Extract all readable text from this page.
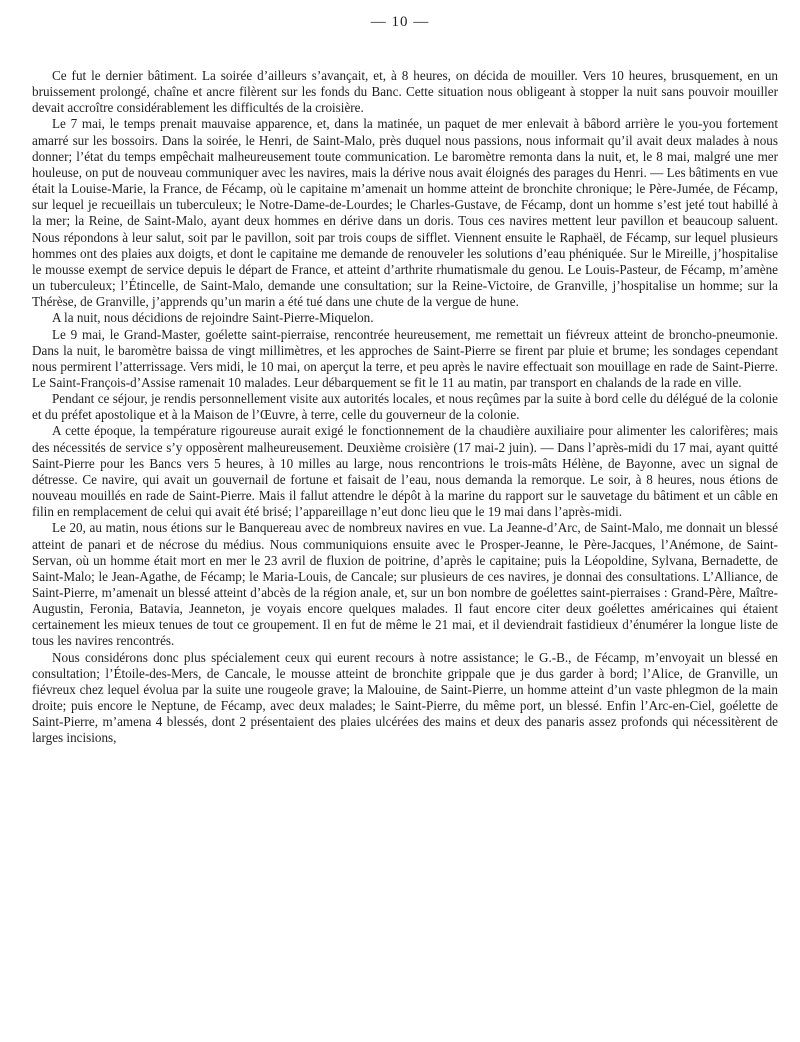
— 10 —

Ce fut le dernier bâtiment. La soirée d’ailleurs s’avançait, et, à 8 heures, on décida de mouiller. Vers 10 heures, brusquement, en un bruissement prolongé, chaîne et ancre filèrent sur les fonds du Banc. Cette situation nous obligeant à stopper la nuit sans pouvoir mouiller devait accroître considérablement les difficultés de la croisière.

Le 7 mai, le temps prenait mauvaise apparence, et, dans la matinée, un paquet de mer enlevait à bâbord arrière le you-you fortement amarré sur les bossoirs. Dans la soirée, le Henri, de Saint-Malo, près duquel nous passions, nous informait qu’il avait deux malades à nous donner; l’état du temps empêchait malheureusement toute communication. Le baromètre remonta dans la nuit, et, le 8 mai, malgré une mer houleuse, on put de nouveau communiquer avec les navires, mais la dérive nous avait éloignés des parages du Henri. — Les bâtiments en vue était la Louise-Marie, la France, de Fécamp, où le capitaine m’amenait un homme atteint de bronchite chronique; le Père-Jumée, de Fécamp, sur lequel je recueillais un tuberculeux; le Notre-Dame-de-Lourdes; le Charles-Gustave, de Fécamp, dont un homme s’est jeté tout habillé à la mer; la Reine, de Saint-Malo, ayant deux hommes en dérive dans un doris. Tous ces navires mettent leur pavillon et beaucoup saluent. Nous répondons à leur salut, soit par le pavillon, soit par trois coups de sifflet. Viennent ensuite le Raphaël, de Fécamp, sur lequel plusieurs hommes ont des plaies aux doigts, et dont le capitaine me demande de renouveler les solutions d’eau phéniquée. Sur le Mireille, j’hospitalise le mousse exempt de service depuis le départ de France, et atteint d’arthrite rhumatismale du genou. Le Louis-Pasteur, de Fécamp, m’amène un tuberculeux; l’Étincelle, de Saint-Malo, demande une consultation; sur la Reine-Victoire, de Granville, j’hospitalise un homme; sur la Thérèse, de Granville, j’apprends qu’un marin a été tué dans une chute de la vergue de hune.

A la nuit, nous décidions de rejoindre Saint-Pierre-Miquelon.

Le 9 mai, le Grand-Master, goélette saint-pierraise, rencontrée heureusement, me remettait un fiévreux atteint de broncho-pneumonie. Dans la nuit, le baromètre baissa de vingt millimètres, et les approches de Saint-Pierre se firent par pluie et brume; les sondages cependant nous permirent l’atterrissage. Vers midi, le 10 mai, on aperçut la terre, et peu après le navire effectuait son mouillage en rade de Saint-Pierre. Le Saint-François-d’Assise ramenait 10 malades. Leur débarquement se fit le 11 au matin, par transport en chalands de la rade en ville.

Pendant ce séjour, je rendis personnellement visite aux autorités locales, et nous reçûmes par la suite à bord celle du délégué de la colonie et du préfet apostolique et à la Maison de l’Œuvre, à terre, celle du gouverneur de la colonie.

A cette époque, la température rigoureuse aurait exigé le fonctionnement de la chaudière auxiliaire pour alimenter les calorifères; mais des nécessités de service s’y opposèrent malheureusement. Deuxième croisière (17 mai-2 juin). — Dans l’après-midi du 17 mai, ayant quitté Saint-Pierre pour les Bancs vers 5 heures, à 10 milles au large, nous rencontrions le trois-mâts Hélène, de Bayonne, avec un signal de détresse. Ce navire, qui avait un gouvernail de fortune et faisait de l’eau, nous demanda la remorque. Le soir, à 8 heures, nous étions de nouveau mouillés en rade de Saint-Pierre. Mais il fallut attendre le dépôt à la marine du rapport sur le sauvetage du bâtiment et un câble en filin en remplacement de celui qui avait été brisé; l’appareillage n’eut donc lieu que le 19 mai dans l’après-midi.

Le 20, au matin, nous étions sur le Banquereau avec de nombreux navires en vue. La Jeanne-d’Arc, de Saint-Malo, me donnait un blessé atteint de panari et de nécrose du médius. Nous communiquions ensuite avec le Prosper-Jeanne, le Père-Jacques, l’Anémone, de Saint-Servan, où un homme était mort en mer le 23 avril de fluxion de poitrine, d’après le capitaine; puis la Léopoldine, Sylvana, Bernadette, de Saint-Malo; le Jean-Agathe, de Fécamp; le Maria-Louis, de Cancale; sur plusieurs de ces navires, je donnai des consultations. L’Alliance, de Saint-Pierre, m’amenait un blessé atteint d’abcès de la région anale, et, sur un bon nombre de goélettes saint-pierraises : Grand-Père, Maître-Augustin, Feronia, Batavia, Jeanneton, je voyais encore quelques malades. Il faut encore citer deux goélettes américaines qui étaient certainement les mieux tenues de tout ce groupement. Il en fut de même le 21 mai, et il deviendrait fastidieux d’énumérer la longue liste de tous les navires rencontrés.

Nous considérons donc plus spécialement ceux qui eurent recours à notre assistance; le G.-B., de Fécamp, m’envoyait un blessé en consultation; l’Étoile-des-Mers, de Cancale, le mousse atteint de bronchite grippale que je dus garder à bord; l’Alice, de Granville, un fiévreux chez lequel évolua par la suite une rougeole grave; la Malouine, de Saint-Pierre, un homme atteint d’un vaste phlegmon de la main droite; puis encore le Neptune, de Fécamp, avec deux malades; le Saint-Pierre, du même port, un blessé. Enfin l’Arc-en-Ciel, goélette de Saint-Pierre, m’amena 4 blessés, dont 2 présentaient des plaies ulcérées des mains et deux des panaris assez profonds qui nécessitèrent de larges incisions,
